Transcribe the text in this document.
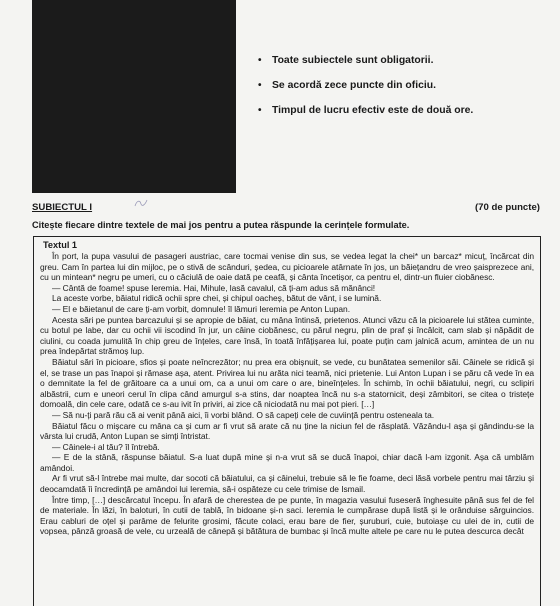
• Toate subiectele sunt obligatorii.
• Se acordă zece puncte din oficiu.
• Timpul de lucru efectiv este de două ore.
SUBIECTUL I	(70 de puncte)
Citește fiecare dintre textele de mai jos pentru a putea răspunde la cerințele formulate.
Textul 1

În port, la pupa vasului de pasageri austriac, care tocmai venise din sus, se vedea legat la chei* un barcaz* micuț, încărcat din greu. Cam în partea lui din mijloc, pe o stivă de scânduri, ședea, cu picioarele atârnate în jos, un băiețandru de vreo șaisprezece ani, cu un mintean* negru pe umeri, cu o căciulă de oaie dată pe ceafă, și cânta încetișor, ca pentru el, dintr-un fluier ciobănesc.

— Cântă de foame! spuse Ieremia. Hai, Mihule, lasă cavalul, că ți-am adus să mănânci!

La aceste vorbe, băiatul ridică ochii spre chei, și chipul oacheș, bătut de vânt, i se lumină.

— El e băietanul de care ți-am vorbit, domnule! îl lămuri Ieremia pe Anton Lupan.

Acesta sări pe puntea barcazului și se apropie de băiat, cu mâna întinsă, prietenos. Atunci văzu că la picioarele lui stătea cuminte, cu botul pe labe, dar cu ochii vii iscodind în jur, un câine ciobănesc, cu părul negru, plin de praf și încâlcit, cam slab și năpădit de ciulini, cu coada jumulită în chip greu de înțeles, care însă, în toată înfățișarea lui, poate puțin cam jalnică acum, amintea de un nu prea îndepărtat strămoș lup.

Băiatul sări în picioare, sfios și poate neîncrezător; nu prea era obișnuit, se vede, cu bunătatea semenilor săi. Câinele se ridică și el, se trase un pas înapoi și rămase așa, atent. Privirea lui nu arăta nici teamă, nici prietenie. Lui Anton Lupan i se păru că vede în ea o demnitate la fel de grăitoare ca a unui om, ca a unui om care o are, bineînțeles. În schimb, în ochii băiatului, negri, cu sclipiri albăstrii, cum e uneori cerul în clipa când amurgul s-a stins, dar noaptea încă nu s-a statornicit, deși zâmbitori, se citea o tristețe domoală, din cele care, odată ce s-au ivit în priviri, ai zice că niciodată nu mai pot pieri. […]

— Să nu-ți pară rău că ai venit până aici, îi vorbi blând. O să capeți cele de cuviință pentru osteneala ta.

Băiatul făcu o mișcare cu mâna ca și cum ar fi vrut să arate că nu ține la niciun fel de răsplată. Văzându-l așa și gândindu-se la vârsta lui crudă, Anton Lupan se simți întristat.

— Câinele-i al tău? îl întrebă.

— E de la stână, răspunse băiatul. S-a luat după mine și n-a vrut să se ducă înapoi, chiar dacă l-am izgonit. Așa că umblăm amândoi.

Ar fi vrut să-l întrebe mai multe, dar socoti că băiatului, ca și câinelui, trebuie să le fie foame, deci lăsă vorbele pentru mai târziu și deocamdată îi încredință pe amândoi lui Ieremia, să-i ospăteze cu cele trimise de Ismail.

Între timp, […] descărcatul începu. În afară de cherestea de pe punte, în magazia vasului fuseseră înghesuite până sus fel de fel de materiale. În lăzi, în baloturi, în cutii de tablă, în bidoane și-n saci. Ieremia le cumpărase după listă și le orânduise sârguincios. Erau cabluri de oțel și parâme de felurite grosimi, făcute colaci, erau bare de fier, șuruburi, cuie, butoiașe cu ulei de in, cutii de vopsea, pânză groasă de vele, cu urzeală de cânepă și bătătura de bumbac și încă multe altele pe care nu le putea descurca decât
